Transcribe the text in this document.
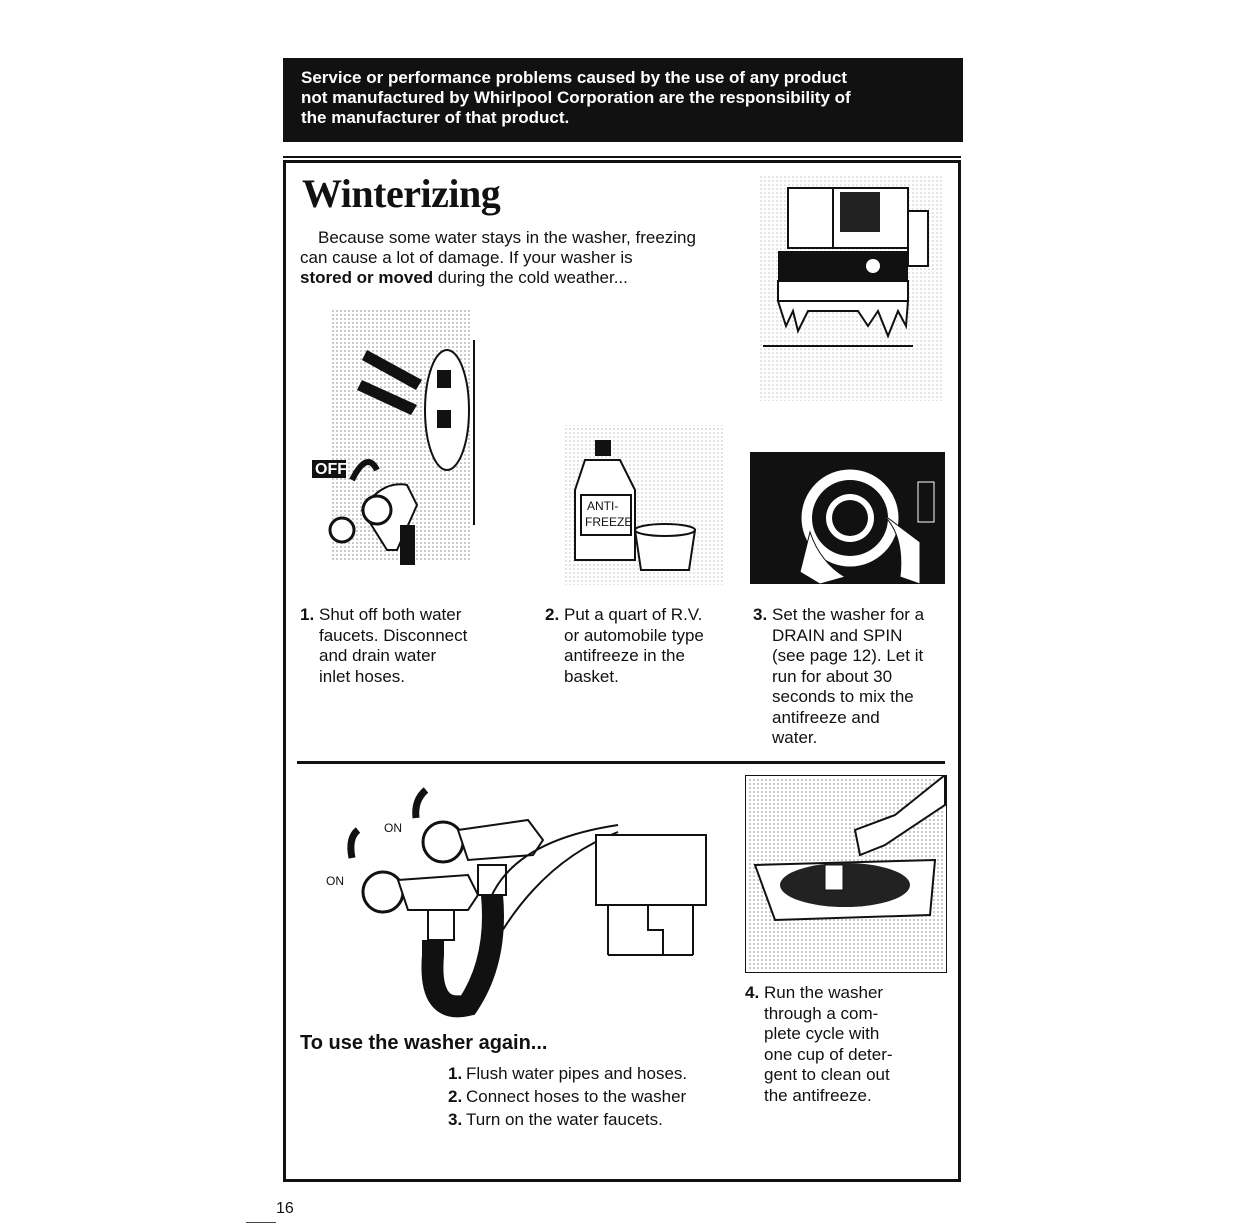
Service or performance problems caused by the use of any product
not manufactured by Whirlpool Corporation are the responsibility of
the manufacturer of that product.
Winterizing
Because some water stays in the washer, freezing
can cause a lot of damage. If your washer is
stored or moved during the cold weather...
OFF
ANTI-
FREEZE
1. Shut off both water
faucets. Disconnect
and drain water
inlet hoses.
2. Put a quart of R.V.
or automobile type
antifreeze in the
basket.
3. Set the washer for a
DRAIN and SPIN
(see page 12). Let it
run for about 30
seconds to mix the
antifreeze and
water.
ON
ON
4. Run the washer
through a com-
plete cycle with
one cup of deter-
gent to clean out
the antifreeze.
To use the washer again...
1. Flush water pipes and hoses.
2. Connect hoses to the washer
3. Turn on the water faucets.
16
